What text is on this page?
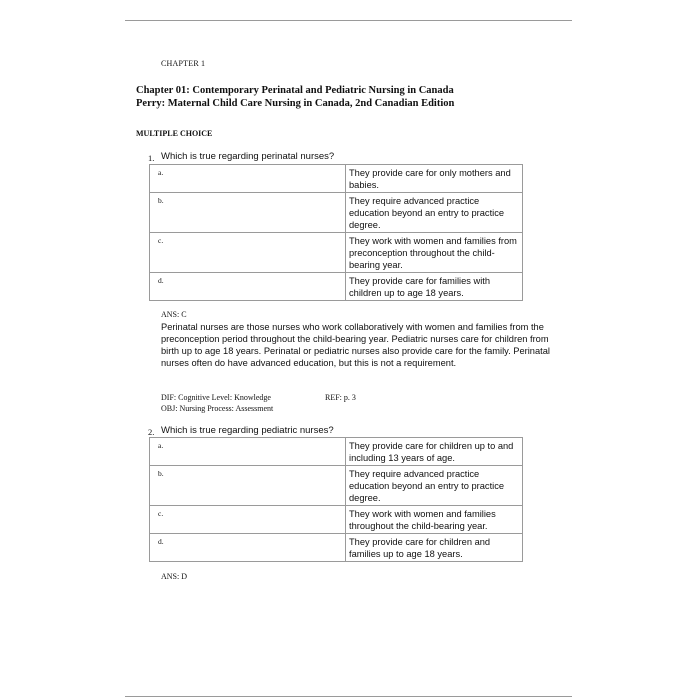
CHAPTER 1
Chapter 01: Contemporary Perinatal and Pediatric Nursing in Canada
Perry: Maternal Child Care Nursing in Canada, 2nd Canadian Edition
MULTIPLE CHOICE
1. Which is true regarding perinatal nurses?
a.	They provide care for only mothers and babies.
b.	They require advanced practice education beyond an entry to practice degree.
c.	They work with women and families from preconception throughout the child-bearing year.
d.	They provide care for families with children up to age 18 years.
ANS: C
Perinatal nurses are those nurses who work collaboratively with women and families from the preconception period throughout the child-bearing year. Pediatric nurses care for children from birth up to age 18 years. Perinatal or pediatric nurses also provide care for the family. Perinatal nurses often do have advanced education, but this is not a requirement.
DIF: Cognitive Level: Knowledge	REF: p. 3
OBJ: Nursing Process: Assessment
2. Which is true regarding pediatric nurses?
a.	They provide care for children up to and including 13 years of age.
b.	They require advanced practice education beyond an entry to practice degree.
c.	They work with women and families throughout the child-bearing year.
d.	They provide care for children and families up to age 18 years.
ANS: D
